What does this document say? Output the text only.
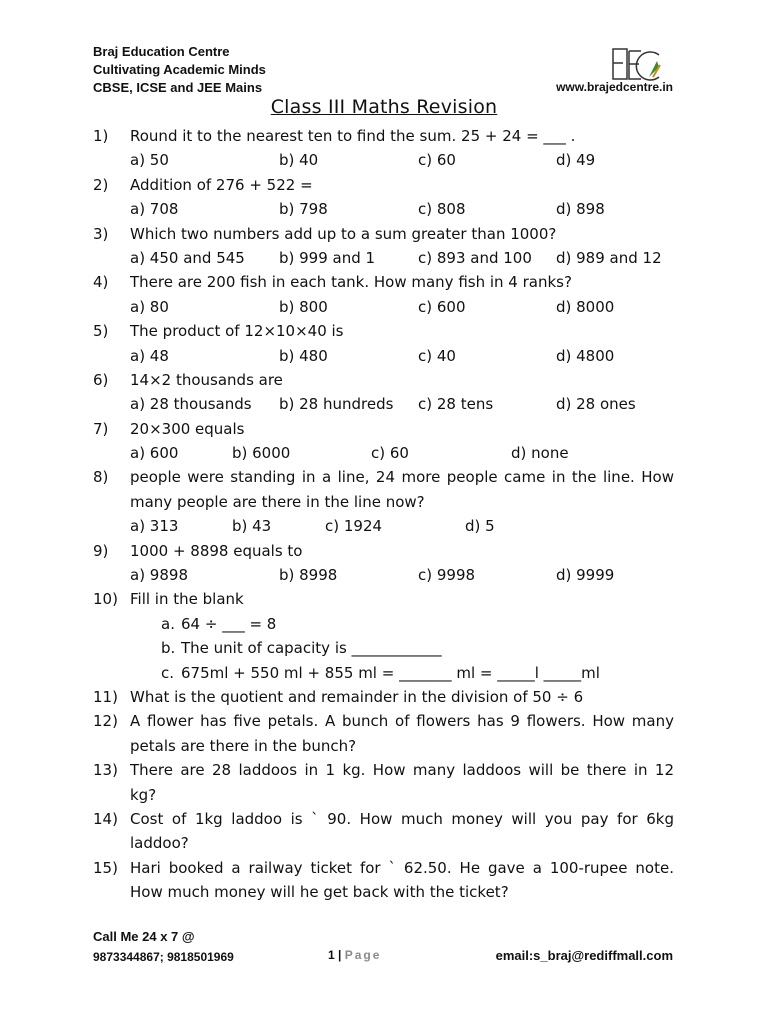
Braj Education Centre
Cultivating Academic Minds
CBSE, ICSE and JEE Mains	www.brajedcentre.in
Class III Maths Revision
1)	Round it to the nearest ten to find the sum. 25 + 24 = ___ .
a) 50	b) 40	c) 60	d) 49
2)	Addition of 276 + 522 =
a) 708	b) 798	c) 808	d) 898
3)	Which two numbers add up to a sum greater than 1000?
a) 450 and 545	b) 999 and 1	c) 893 and 100	d) 989 and 12
4)	There are 200 fish in each tank. How many fish in 4 ranks?
a) 80	b) 800	c) 600	d) 8000
5)	The product of 12×10×40 is
a) 48	b) 480	c) 40	d) 4800
6)	14×2 thousands are
a) 28 thousands	b) 28 hundreds	c) 28 tens	d) 28 ones
7)	20×300 equals
a) 600	b) 6000	c) 60	d) none
8)	people were standing in a line, 24 more people came in the line. How
many people are there in the line now?
a) 313	b) 43	c) 1924	d) 5
9)	1000 + 8898 equals to
a) 9898	b) 8998	c) 9998	d) 9999
10) Fill in the blank
a. 64 ÷ ___ = 8
b. The unit of capacity is ____________
c. 675ml + 550 ml + 855 ml = _______ ml = _____l _____ml
11) What is the quotient and remainder in the division of 50 ÷ 6
12) A flower has five petals. A bunch of flowers has 9 flowers. How many
petals are there in the bunch?
13) There are 28 laddoos in 1 kg. How many laddoos will be there in 12
kg?
14) Cost of 1kg laddoo is ` 90. How much money will you pay for 6kg
laddoo?
15) Hari booked a railway ticket for ` 62.50. He gave a 100-rupee note.
How much money will he get back with the ticket?
Call Me 24 x 7 @
9873344867; 9818501969	1 | Page	email:s_braj@rediffmall.com
